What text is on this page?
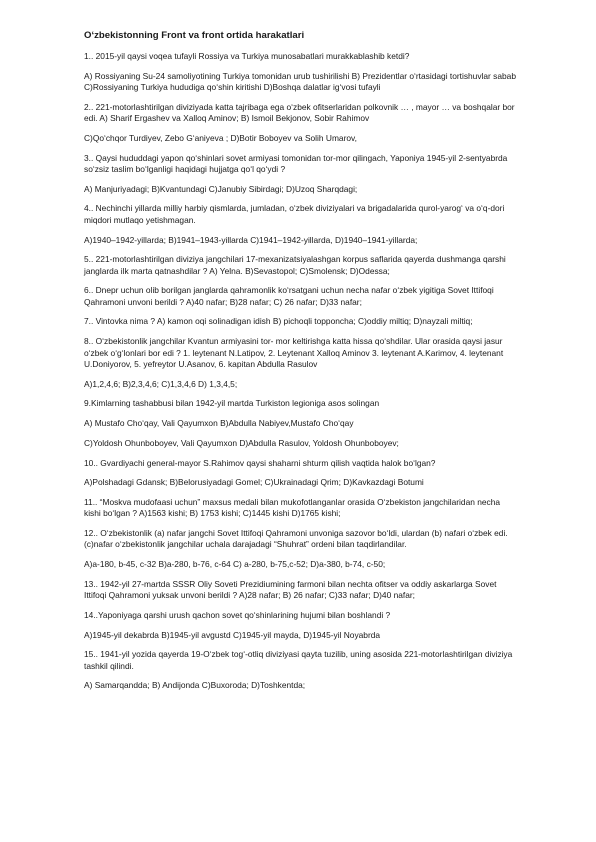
O‘zbekistonning Front va front ortida harakatlari

1.. 2015-yil qaysi voqea tufayli Rossiya va Turkiya munosabatlari murakkablashib ketdi?

A) Rossiyaning Su-24 samoliyotining Turkiya tomonidan urub tushirilishi B) Prezidentlar o‘rtasidagi tortishuvlar sabab C)Rossiyaning Turkiya hududiga qo‘shin kiritishi D)Boshqa dalatlar ig‘vosi tufayli

2.. 221-motorlashtirilgan diviziyada katta tajribaga ega o‘zbek ofitserlaridan polkovnik … , mayor … va boshqalar bor edi. A) Sharif Ergashev va Xalloq Aminov; B) Ismoil Bekjonov, Sobir Rahimov

C)Qo‘chqor Turdiyev, Zebo G‘aniyeva ; D)Botir Boboyev va Solih Umarov,

3.. Qaysi hududdagi yapon qo‘shinlari sovet armiyasi tomonidan tor-mor qilingach, Yaponiya 1945-yil 2-sentyabrda so‘zsiz taslim bo‘lganligi haqidagi hujjatga qo‘l qo‘ydi ?

A) Manjuriyadagi; B)Kvantundagi C)Janubiy Sibirdagi; D)Uzoq Sharqdagi;

4.. Nechinchi yillarda milliy harbiy qismlarda, jumladan, o‘zbek diviziyalari va brigadalarida qurol-yarog‘ va o‘q-dori miqdori mutlaqo yetishmagan.

A)1940–1942-yillarda; B)1941–1943-yillarda C)1941–1942-yillarda, D)1940–1941-yillarda;

5.. 221-motorlashtirilgan diviziya jangchilari 17-mexanizatsiyalashgan korpus saflarida qayerda dushmanga qarshi janglarda ilk marta qatnashdilar ? A) Yelna. B)Sevastopol; C)Smolensk; D)Odessa;

6.. Dnepr uchun olib borilgan janglarda qahramonlik ko‘rsatgani uchun necha nafar o‘zbek yigitiga Sovet Ittifoqi Qahramoni unvoni berildi ? A)40 nafar; B)28 nafar; C) 26 nafar; D)33 nafar;

7.. Vintovka nima ? A) kamon oqi solinadigan idish B) pichoqli topponcha; C)oddiy miltiq; D)nayzali miltiq;

8.. O‘zbekistonlik jangchilar Kvantun armiyasini tor- mor keltirishga katta hissa qo‘shdilar. Ular orasida qaysi jasur o‘zbek o‘g‘lonlari bor edi ? 1. leytenant N.Latipov, 2. Leytenant Xalloq Aminov 3. leytenant A.Karimov, 4. leytenant U.Doniyorov, 5. yefreytor U.Asanov, 6. kapitan Abdulla Rasulov

A)1,2,4,6; B)2,3,4,6; C)1,3,4,6 D) 1,3,4,5;

9.Kimlarning tashabbusi bilan 1942-yil martda Turkiston legioniga asos solingan

A) Mustafo Cho‘qay, Vali Qayumxon B)Abdulla Nabiyev,Mustafo Cho‘qay

C)Yoldosh Ohunboboyev, Vali Qayumxon D)Abdulla Rasulov, Yoldosh Ohunboboyev;

10.. Gvardiyachi general-mayor S.Rahimov qaysi shaharni shturm qilish vaqtida halok bo‘lgan?

A)Polshadagi Gdansk; B)Belorusiyadagi Gomel; C)Ukrainadagi Qrim; D)Kavkazdagi Botumi

11.. “Moskva mudofaasi uchun” maxsus medali bilan mukofotlanganlar orasida O‘zbekiston jangchilaridan necha kishi bo‘lgan ? A)1563 kishi; B) 1753 kishi; C)1445 kishi D)1765 kishi;

12.. O‘zbekistonlik (a) nafar jangchi Sovet Ittifoqi Qahramoni unvoniga sazovor bo‘ldi, ulardan (b) nafari o‘zbek edi. (c)nafar o‘zbekistonlik jangchilar uchala darajadagi “Shuhrat” ordeni bilan taqdirlandilar.

A)a-180, b-45, c-32 B)a-280, b-76, c-64 C) a-280, b-75,c-52; D)a-380, b-74, c-50;

13.. 1942-yil 27-martda SSSR Oliy Soveti Prezidiumining farmoni bilan nechta ofitser va oddiy askarlarga Sovet Ittifoqi Qahramoni yuksak unvoni berildi ? A)28 nafar; B) 26 nafar; C)33 nafar; D)40 nafar;

14..Yaponiyaga qarshi urush qachon sovet qo‘shinlarining hujumi bilan boshlandi ?

A)1945-yil dekabrda B)1945-yil avgustd C)1945-yil mayda, D)1945-yil Noyabrda

15.. 1941-yil yozida qayerda 19-O‘zbek tog‘-otliq diviziyasi qayta tuzilib, uning asosida 221-motorlashtirilgan diviziya tashkil qilindi.

A) Samarqandda; B) Andijonda C)Buxoroda; D)Toshkentda;
